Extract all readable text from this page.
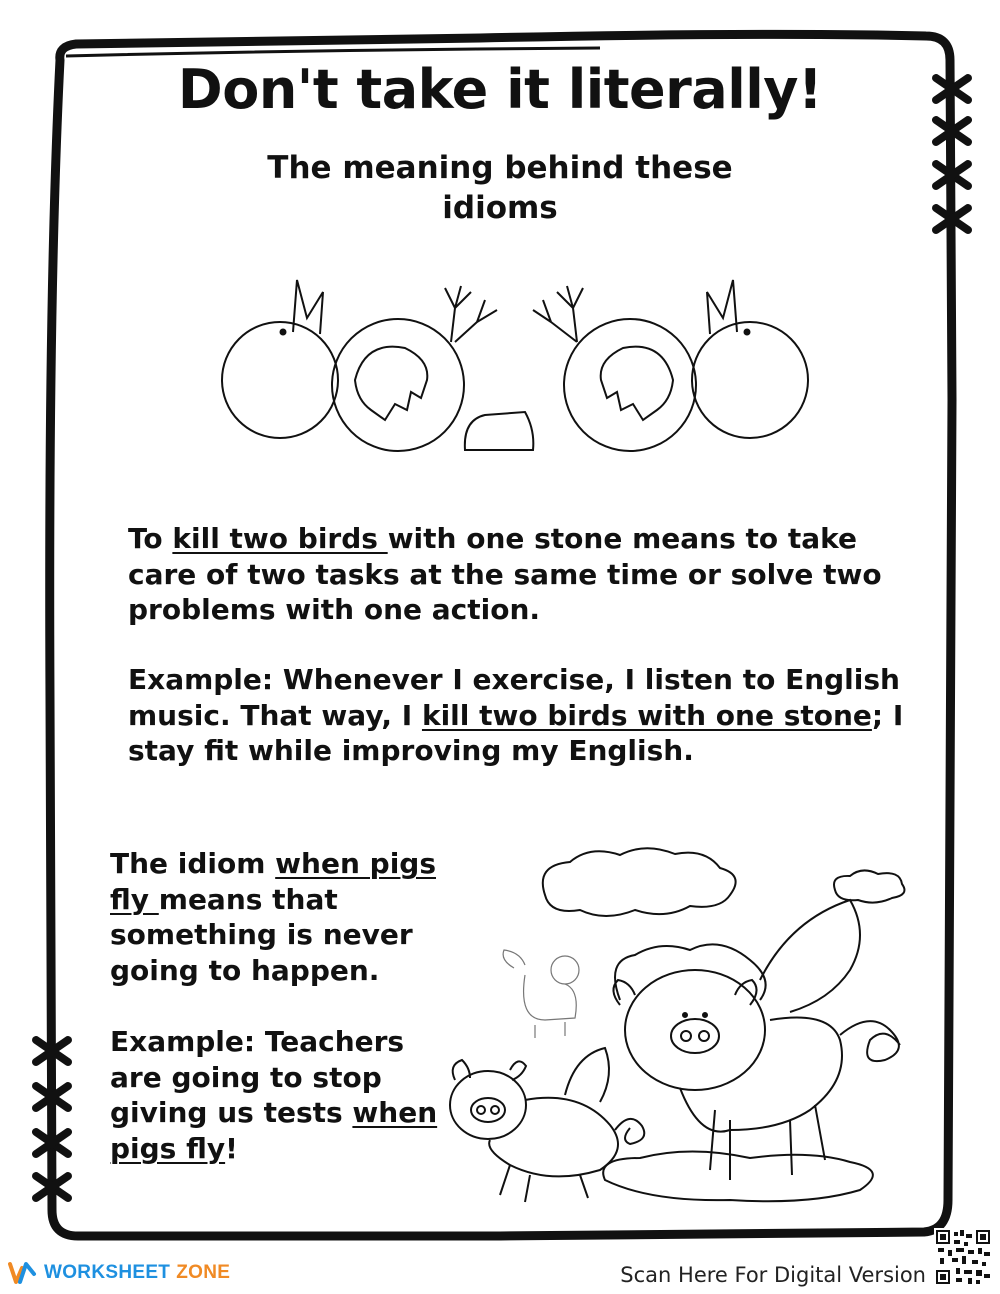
Don't take it literally!
The meaning behind these
idioms

To kill two birds with one stone means to take
care of two tasks at the same time or solve two
problems with one action.

Example: Whenever I exercise, I listen to English
music. That way, I kill two birds with one stone; I
stay fit while improving my English.

The idiom when pigs
fly means that
something is never
going to happen.

Example: Teachers
are going to stop
giving us tests when
pigs fly!

WORKSHEET ZONE	Scan Here For Digital Version
